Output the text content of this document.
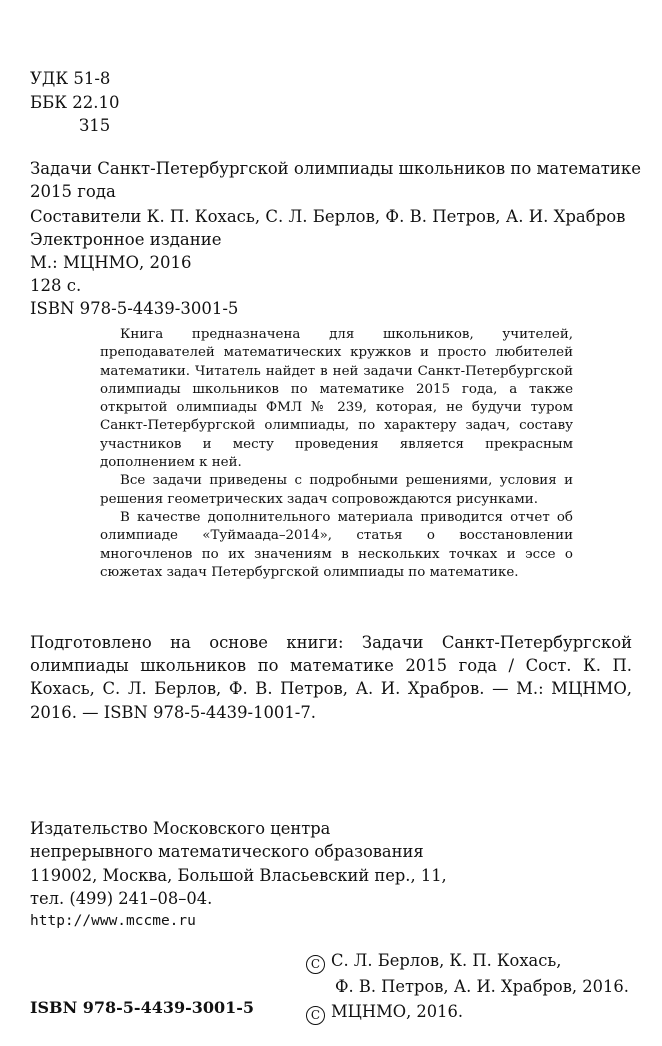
УДК 51-8
ББК 22.10
З15
Задачи Санкт-Петербургской олимпиады школьников по математике
2015 года
Составители К. П. Кохась, С. Л. Берлов, Ф. В. Петров, А. И. Храбров
Электронное издание
М.: МЦНМО, 2016
128 с.
ISBN 978-5-4439-3001-5

Книга предназначена для школьников, учителей, преподавателей математических кружков и просто любителей математики. Читатель найдет в ней задачи Санкт-Петербургской олимпиады школьников по математике 2015 года, а также открытой олимпиады ФМЛ № 239, которая, не будучи туром Санкт-Петербургской олимпиады, по характеру задач, составу участников и месту проведения является прекрасным дополнением к ней.

Все задачи приведены с подробными решениями, условия и решения геометрических задач сопровождаются рисунками.

В качестве дополнительного материала приводится отчет об олимпиаде «Туймаада–2014», статья о восстановлении многочленов по их значениям в нескольких точках и эссе о сюжетах задач Петербургской олимпиады по математике.

Подготовлено на основе книги: Задачи Санкт-Петербургской олимпиады школьников по математике 2015 года / Сост. К. П. Кохась, С. Л. Берлов, Ф. В. Петров, А. И. Храбров. — М.: МЦНМО, 2016. — ISBN 978-5-4439-1001-7.
Издательство Московского центра
непрерывного математического образования
119002, Москва, Большой Власьевский пер., 11,
тел. (499) 241–08–04.
http://www.mccme.ru
ISBN 978-5-4439-3001-5
C С. Л. Берлов, К. П. Кохась,
Ф. В. Петров, А. И. Храбров, 2016.
C МЦНМО, 2016.
